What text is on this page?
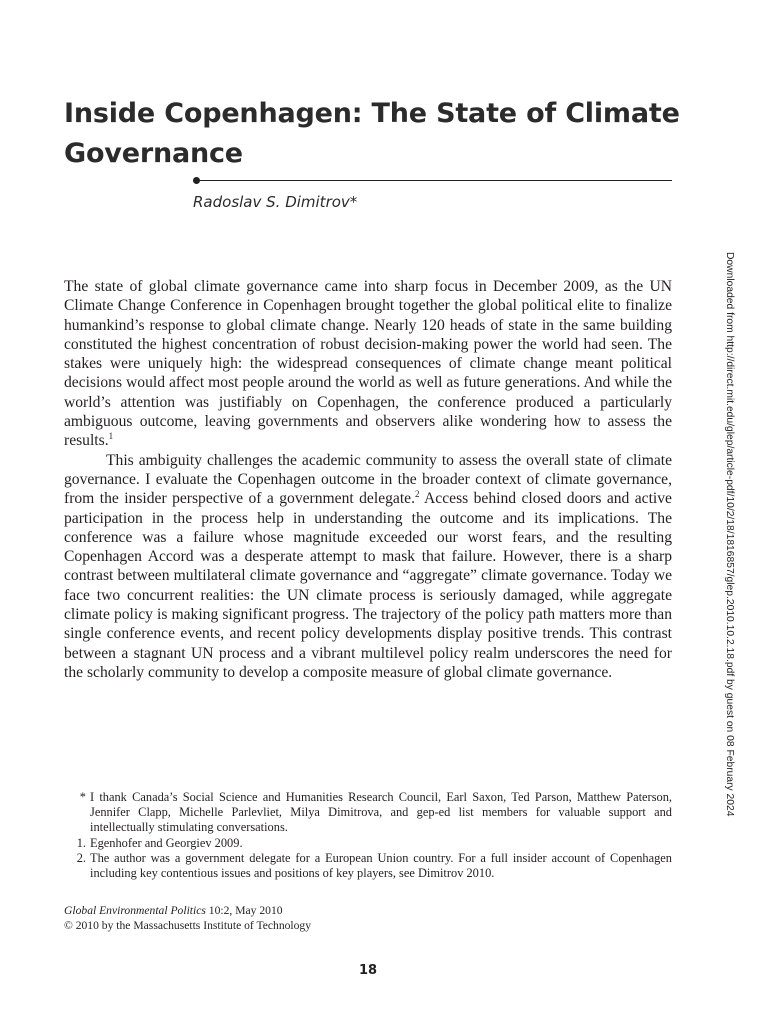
Inside Copenhagen: The State of Climate Governance
Radoslav S. Dimitrov*

The state of global climate governance came into sharp focus in December 2009, as the UN Climate Change Conference in Copenhagen brought together the global political elite to finalize humankind’s response to global climate change. Nearly 120 heads of state in the same building constituted the highest concentration of robust decision-making power the world had seen. The stakes were uniquely high: the widespread consequences of climate change meant political decisions would affect most people around the world as well as future generations. And while the world’s attention was justifiably on Copenhagen, the conference produced a particularly ambiguous outcome, leaving governments and observers alike wondering how to assess the results.$^1$

This ambiguity challenges the academic community to assess the overall state of climate governance. I evaluate the Copenhagen outcome in the broader context of climate governance, from the insider perspective of a government delegate.$^2$ Access behind closed doors and active participation in the process help in understanding the outcome and its implications. The conference was a failure whose magnitude exceeded our worst fears, and the resulting Copenhagen Accord was a desperate attempt to mask that failure. However, there is a sharp contrast between multilateral climate governance and “aggregate” climate governance. Today we face two concurrent realities: the UN climate process is seriously damaged, while aggregate climate policy is making significant progress. The trajectory of the policy path matters more than single conference events, and recent policy developments display positive trends. This contrast between a stagnant UN process and a vibrant multilevel policy realm underscores the need for the scholarly community to develop a composite measure of global climate governance.

* I thank Canada’s Social Science and Humanities Research Council, Earl Saxon, Ted Parson, Matthew Paterson, Jennifer Clapp, Michelle Parlevliet, Milya Dimitrova, and gep-ed list members for valuable support and intellectually stimulating conversations.

1. Egenhofer and Georgiev 2009.

2. The author was a government delegate for a European Union country. For a full insider account of Copenhagen including key contentious issues and positions of key players, see Dimitrov 2010.

Global Environmental Politics 10:2, May 2010
© 2010 by the Massachusetts Institute of Technology
18
Downloaded from http://direct.mit.edu/glep/article-pdf/10/2/18/1816857/glep.2010.10.2.18.pdf by guest on 08 February 2024
